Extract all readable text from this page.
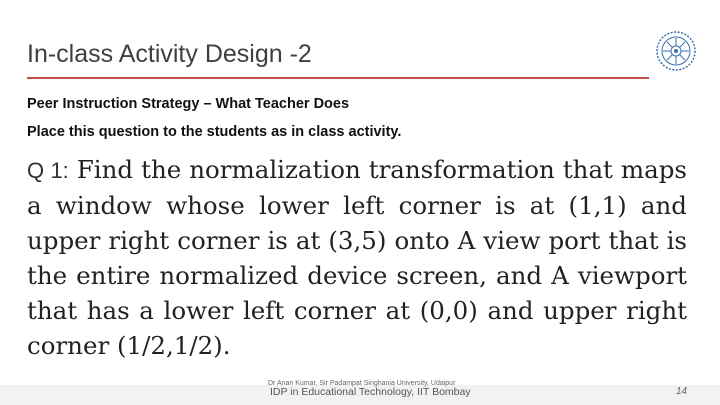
In-class Activity Design -2
Peer Instruction Strategy – What Teacher Does
Place this question to the students as in class activity.
Q 1: Find the normalization transformation that maps a window whose lower left corner is at (1,1) and upper right corner is at (3,5) onto A view port that is the entire normalized device screen, and A viewport that has a lower left corner at (0,0) and upper right corner (1/2,1/2).
Dr Anan Kumar, Sir Padampat Singhania University, Udaipur
IDP in Educational Technology, IIT Bombay	14
